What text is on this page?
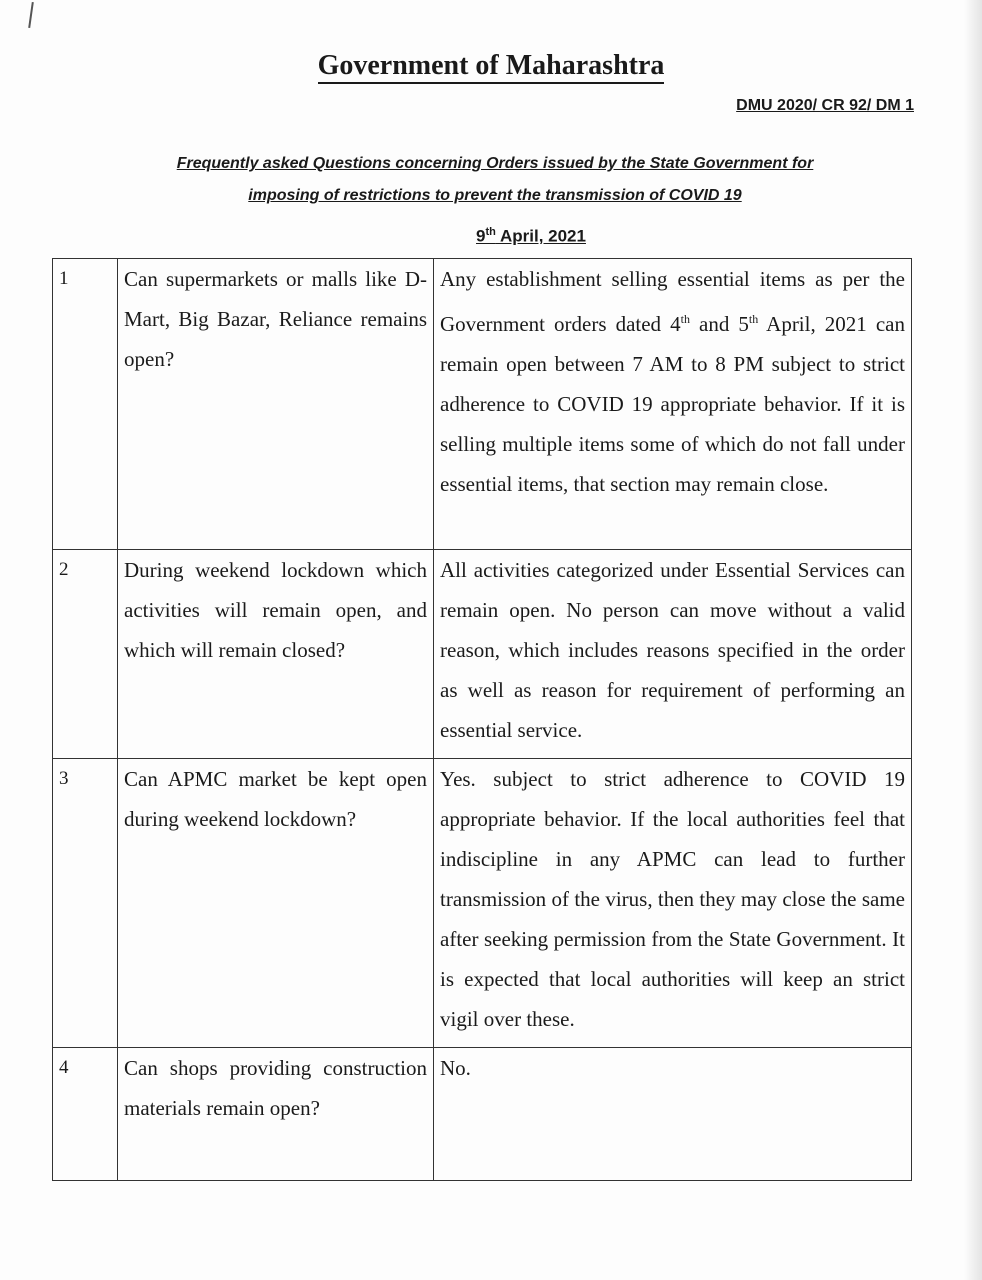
Government of Maharashtra
DMU 2020/ CR 92/ DM 1
Frequently asked Questions concerning Orders issued by the State Government for imposing of restrictions to prevent the transmission of COVID 19
9th April, 2021
1	Can supermarkets or malls like D-Mart, Big Bazar, Reliance remains open?	Any establishment selling essential items as per the Government orders dated 4th and 5th April, 2021 can remain open between 7 AM to 8 PM subject to strict adherence to COVID 19 appropriate behavior. If it is selling multiple items some of which do not fall under essential items, that section may remain close.
2	During weekend lockdown which activities will remain open, and which will remain closed?	All activities categorized under Essential Services can remain open. No person can move without a valid reason, which includes reasons specified in the order as well as reason for requirement of performing an essential service.
3	Can APMC market be kept open during weekend lockdown?	Yes. subject to strict adherence to COVID 19 appropriate behavior. If the local authorities feel that indiscipline in any APMC can lead to further transmission of the virus, then they may close the same after seeking permission from the State Government. It is expected that local authorities will keep an strict vigil over these.
4	Can shops providing construction materials remain open?	No.
